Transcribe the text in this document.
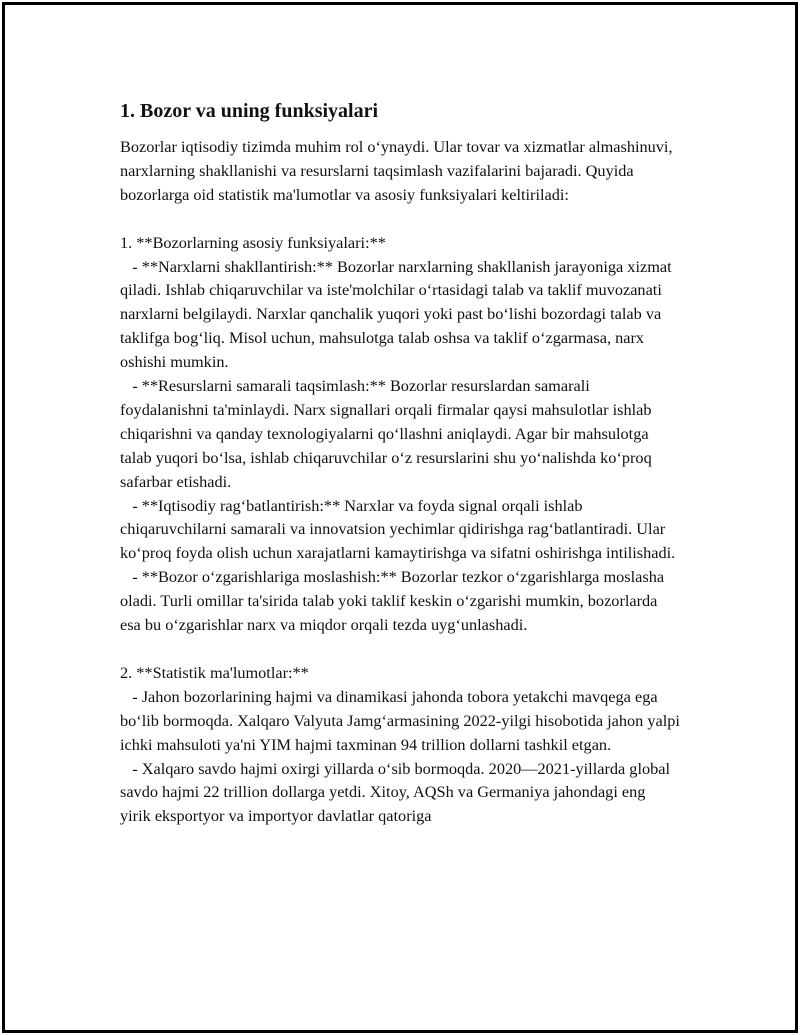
1. Bozor va uning funksiyalari

Bozorlar iqtisodiy tizimda muhim rol o‘ynaydi. Ular tovar va xizmatlar almashinuvi, narxlarning shakllanishi va resurslarni taqsimlash vazifalarini bajaradi. Quyida bozorlarga oid statistik ma'lumotlar va asosiy funksiyalari keltiriladi:

1. **Bozorlarning asosiy funksiyalari:**

- **Narxlarni shakllantirish:** Bozorlar narxlarning shakllanish jarayoniga xizmat qiladi. Ishlab chiqaruvchilar va iste'molchilar o‘rtasidagi talab va taklif muvozanati narxlarni belgilaydi. Narxlar qanchalik yuqori yoki past bo‘lishi bozordagi talab va taklifga bog‘liq. Misol uchun, mahsulotga talab oshsa va taklif o‘zgarmasa, narx oshishi mumkin.

- **Resurslarni samarali taqsimlash:** Bozorlar resurslardan samarali foydalanishni ta'minlaydi. Narx signallari orqali firmalar qaysi mahsulotlar ishlab chiqarishni va qanday texnologiyalarni qo‘llashni aniqlaydi. Agar bir mahsulotga talab yuqori bo‘lsa, ishlab chiqaruvchilar o‘z resurslarini shu yo‘nalishda ko‘proq safarbar etishadi.

- **Iqtisodiy rag‘batlantirish:** Narxlar va foyda signal orqali ishlab chiqaruvchilarni samarali va innovatsion yechimlar qidirishga rag‘batlantiradi. Ular ko‘proq foyda olish uchun xarajatlarni kamaytirishga va sifatni oshirishga intilishadi.

- **Bozor o‘zgarishlariga moslashish:** Bozorlar tezkor o‘zgarishlarga moslasha oladi. Turli omillar ta'sirida talab yoki taklif keskin o‘zgarishi mumkin, bozorlarda esa bu o‘zgarishlar narx va miqdor orqali tezda uyg‘unlashadi.

2. **Statistik ma'lumotlar:**

- Jahon bozorlarining hajmi va dinamikasi jahonda tobora yetakchi mavqega ega bo‘lib bormoqda. Xalqaro Valyuta Jamg‘armasining 2022-yilgi hisobotida jahon yalpi ichki mahsuloti ya'ni YIM hajmi taxminan 94 trillion dollarni tashkil etgan.

- Xalqaro savdo hajmi oxirgi yillarda o‘sib bormoqda. 2020—2021-yillarda global savdo hajmi 22 trillion dollarga yetdi. Xitoy, AQSh va Germaniya jahondagi eng yirik eksportyor va importyor davlatlar qatoriga
